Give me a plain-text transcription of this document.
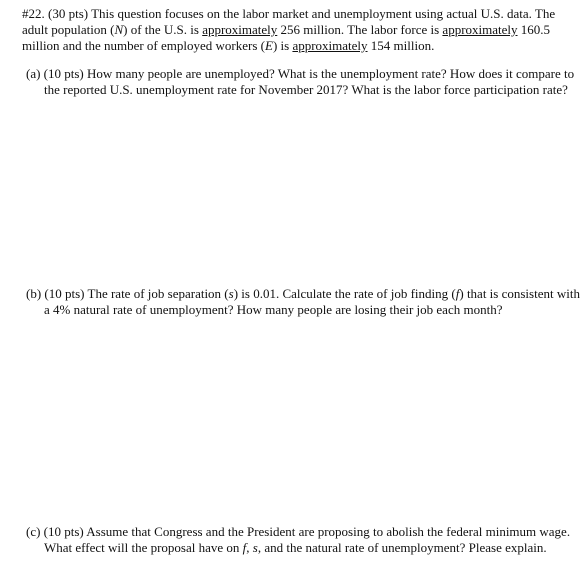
#22. (30 pts) This question focuses on the labor market and unemployment using actual U.S. data. The
adult population (N) of the U.S. is approximately 256 million. The labor force is approximately 160.5
million and the number of employed workers (E) is approximately 154 million.
(a) (10 pts) How many people are unemployed? What is the unemployment rate? How does it compare to
the reported U.S. unemployment rate for November 2017? What is the labor force participation rate?
(b) (10 pts) The rate of job separation (s) is 0.01. Calculate the rate of job finding (f) that is consistent with
a 4% natural rate of unemployment? How many people are losing their job each month?
(c) (10 pts) Assume that Congress and the President are proposing to abolish the federal minimum wage.
What effect will the proposal have on f, s, and the natural rate of unemployment? Please explain.
